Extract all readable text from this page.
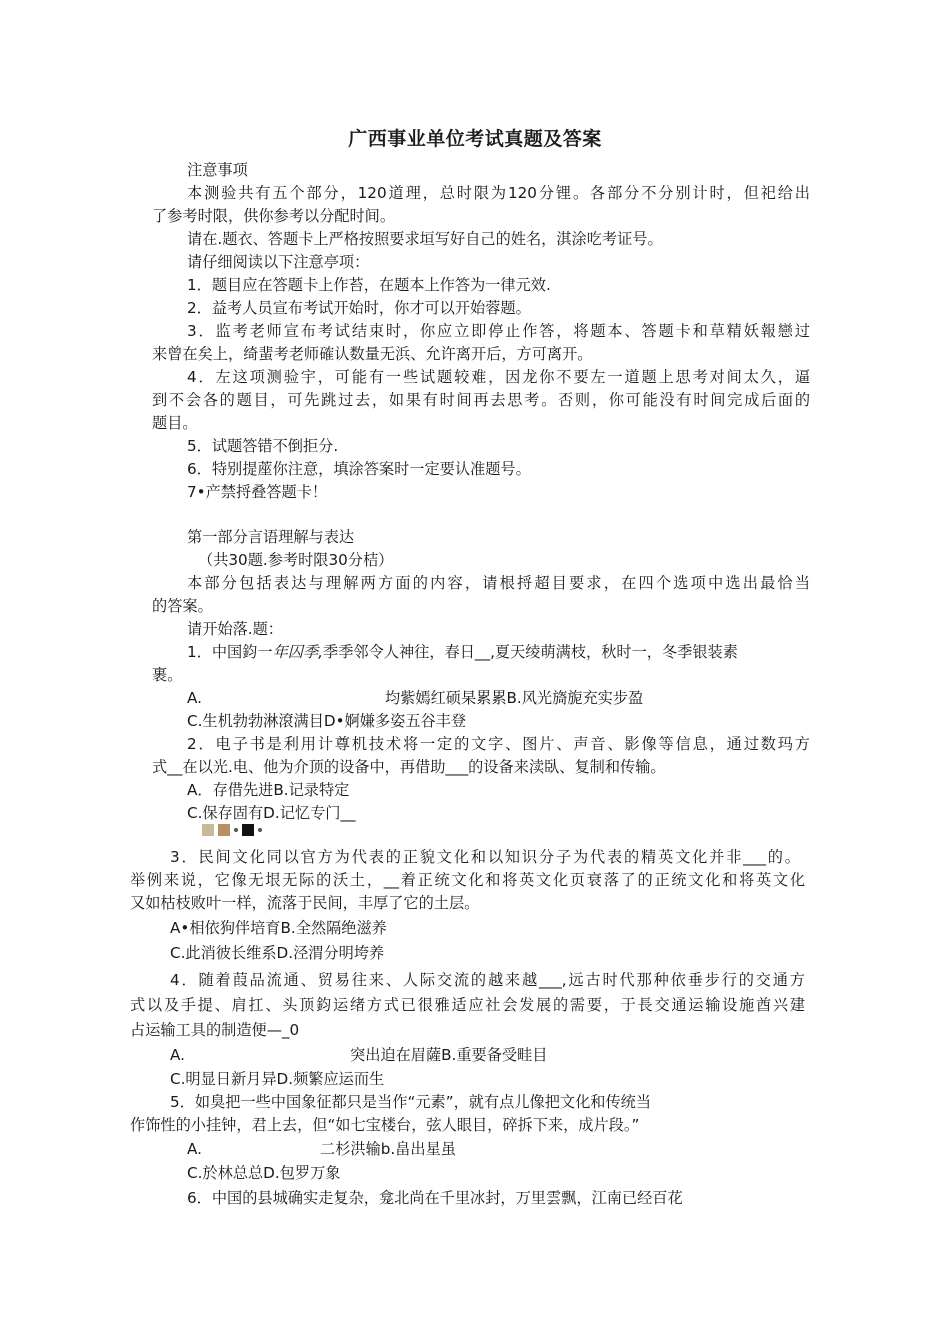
广西事业单位考试真题及答案
注意事项
本测验共有五个部分，120道理，总时限为120分锂。各部分不分别计时，但祀给出
了参考时限，供你参考以分配时间。
请在.题衣、答题卡上严格按照要求垣写好自己的姓名，淇涂吃考证号。
请仔细阅读以下注意亭项：
1．题目应在答题卡上作苔，在题本上作答为一律元效.
2．益考人员宣布考试开始时，你才可以开始蓉题。
3．监考老师宣布考试结束时，你应立即停止作答，将题本、答题卡和草精妖報戀过
来曾在矣上，绮蜚考老师確认数量无浜、允许离开后，方可离开。
4．左这项测验宇，可能有一些试题较难，因龙你不要左一道题上思考对间太久，逼
到不会各的题目，可先跳过去，如果有时间再去思考。否则，你可能没有时间完成后面的
题目。
5．试题答错不倒拒分.
6．特别提蓙你注意，填涂答案时一定要认准题号。
7•产禁捋叠答题卡！
第一部分言语理解与表达
（共30题.参考时限30分桔）
本部分包括表达与理解两方面的内容，请根捋超目要求，在四个选项中选出最恰当
的答案。
请开始落.题：
1．中国鈞一年囚季,季季邻令人神往，春日__,夏天绫萌满枝，秋时一，冬季银装素
裹。
A.	均紫嫣红硕杲累累B.风光旖旎充实步盈
C.生机勃勃淋滾满目D•婀嫌多姿五谷丰登
2．电子书是利用计尊机技术将一定的文字、图片、声音、影像等信息，通过数玛方
式__在以光.电、他为介顶的设备中，再借助___的设备来渎臥、复制和传输。
A．存借先进B.记录特定
C.保存固有D.记忆专门__
3．民间文化同以官方为代表的正貌文化和以知识分子为代表的精英文化并非___的。
举例来说，它像无垠无际的沃土，__着正统文化和将英文化页衰落了的正统文化和将英文化
又如枯枝败叶一样，流落于民间，丰厚了它的土层。
A•相依狗伴培育B.全然隔绝滋养
C.此消彼长维系D.泾渭分明垮养
4．随着葭品流通、贸易往来、人际交流的越来越___,远古时代那种依垂步行的交通方
式以及手提、肩扛、头顶鈞运绪方式已很雅适应社会发展的需要，于長交通运输设施酋兴建
占运输工具的制造便—_0
A.	突出迫在眉薩B.重要备受畦目
C.明显日新月异D.频繁应运而生
5．如臭把一些中国象征都只是当作“元素”，就有点儿像把文化和传统当
作饰性的小挂钟，君上去，但“如七宝楼台，弦人眼目，碎拆下来，成片段。”
A.	二杉洪输b.畠出星虽
C.於林总总D.包罗万象
6．中国的县城确实走复杂，龛北尚在千里冰封，万里雲飘，江南已经百花
